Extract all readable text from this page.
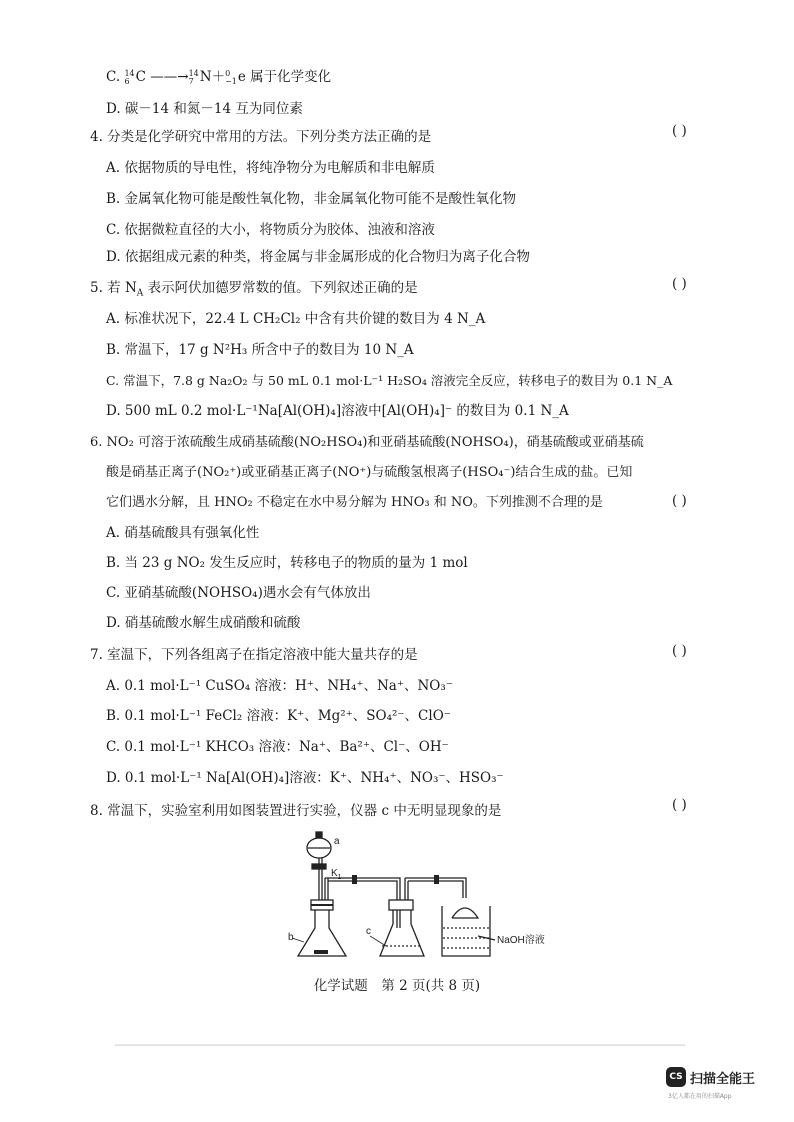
C. 14
6 C ——→ 14
7 N＋ 0
−1 e 属于化学变化
D. 碳－14 和氮－14 互为同位素
4. 分类是化学研究中常用的方法。下列分类方法正确的是	( )
A. 依据物质的导电性，将纯净物分为电解质和非电解质
B. 金属氧化物可能是酸性氧化物，非金属氧化物可能不是酸性氧化物
C. 依据微粒直径的大小，将物质分为胶体、浊液和溶液
D. 依据组成元素的种类，将金属与非金属形成的化合物归为离子化合物
5. 若 $N_A$ 表示阿伏加德罗常数的值。下列叙述正确的是	( )
A. 标准状况下，22.4 L CH₂Cl₂ 中含有共价键的数目为 4 N_A
B. 常温下，17 g N²H₃ 所含中子的数目为 10 N_A
C. 常温下，7.8 g Na₂O₂ 与 50 mL 0.1 mol·L⁻¹ H₂SO₄ 溶液完全反应，转移电子的数目为 0.1 N_A
D. 500 mL 0.2 mol·L⁻¹Na[Al(OH)₄]溶液中[Al(OH)₄]⁻ 的数目为 0.1 N_A
6. NO₂ 可溶于浓硫酸生成硝基硫酸(NO₂HSO₄)和亚硝基硫酸(NOHSO₄)，硝基硫酸或亚硝基硫
酸是硝基正离子(NO₂⁺)或亚硝基正离子(NO⁺)与硫酸氢根离子(HSO₄⁻)结合生成的盐。已知
它们遇水分解，且 HNO₂ 不稳定在水中易分解为 HNO₃ 和 NO。下列推测不合理的是	( )
A. 硝基硫酸具有强氧化性
B. 当 23 g NO₂ 发生反应时，转移电子的物质的量为 1 mol
C. 亚硝基硫酸(NOHSO₄)遇水会有气体放出
D. 硝基硫酸水解生成硝酸和硫酸
7. 室温下，下列各组离子在指定溶液中能大量共存的是	( )
A. 0.1 mol·L⁻¹ CuSO₄ 溶液：H⁺、NH₄⁺、Na⁺、NO₃⁻
B. 0.1 mol·L⁻¹ FeCl₂ 溶液：K⁺、Mg²⁺、SO₄²⁻、ClO⁻
C. 0.1 mol·L⁻¹ KHCO₃ 溶液：Na⁺、Ba²⁺、Cl⁻、OH⁻
D. 0.1 mol·L⁻¹ Na[Al(OH)₄]溶液：K⁺、NH₄⁺、NO₃⁻、HSO₃⁻
8. 常温下，实验室利用如图装置进行实验，仪器 c 中无明显现象的是	( )
a
$K_1$
b
c
NaOH溶液
化学试题　第 2 页(共 8 页)
CS 扫描全能王
3亿人都在用的扫描App
